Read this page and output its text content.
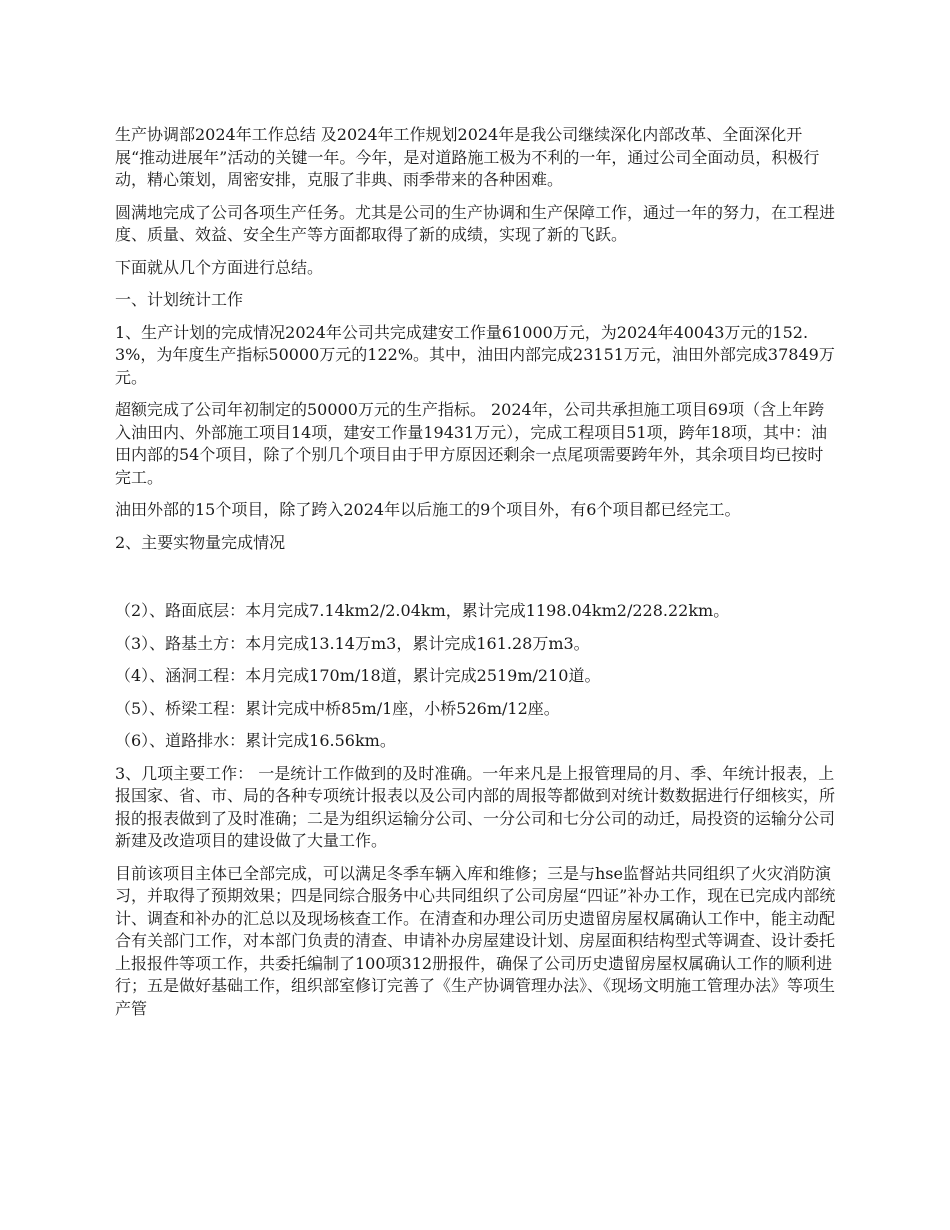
生产协调部2024年工作总结 及2024年工作规划2024年是我公司继续深化内部改革、全面深化开展“推动进展年”活动的关键一年。今年，是对道路施工极为不利的一年，通过公司全面动员，积极行动，精心策划，周密安排，克服了非典、雨季带来的各种困难。

圆满地完成了公司各项生产任务。尤其是公司的生产协调和生产保障工作，通过一年的努力，在工程进度、质量、效益、安全生产等方面都取得了新的成绩，实现了新的飞跃。

下面就从几个方面进行总结。

一、计划统计工作

1、生产计划的完成情况2024年公司共完成建安工作量61000万元，为2024年40043万元的152.3%，为年度生产指标50000万元的122%。其中，油田内部完成23151万元，油田外部完成37849万元。

超额完成了公司年初制定的50000万元的生产指标。 2024年，公司共承担施工项目69项（含上年跨入油田内、外部施工项目14项，建安工作量19431万元），完成工程项目51项，跨年18项，其中：油田内部的54个项目，除了个别几个项目由于甲方原因还剩余一点尾项需要跨年外，其余项目均已按时完工。

油田外部的15个项目，除了跨入2024年以后施工的9个项目外，有6个项目都已经完工。

2、主要实物量完成情况

（2）、路面底层：本月完成7.14km2/2.04km，累计完成1198.04km2/228.22km。

（3）、路基土方：本月完成13.14万m3，累计完成161.28万m3。

（4）、涵洞工程：本月完成170m/18道，累计完成2519m/210道。

（5）、桥梁工程：累计完成中桥85m/1座，小桥526m/12座。

（6）、道路排水：累计完成16.56km。

3、几项主要工作： 一是统计工作做到的及时准确。一年来凡是上报管理局的月、季、年统计报表，上报国家、省、市、局的各种专项统计报表以及公司内部的周报等都做到对统计数数据进行仔细核实，所报的报表做到了及时准确；二是为组织运输分公司、一分公司和七分公司的动迁，局投资的运输分公司新建及改造项目的建设做了大量工作。

目前该项目主体已全部完成，可以满足冬季车辆入库和维修；三是与hse监督站共同组织了火灾消防演习，并取得了预期效果；四是同综合服务中心共同组织了公司房屋“四证”补办工作，现在已完成内部统计、调查和补办的汇总以及现场核查工作。在清查和办理公司历史遗留房屋权属确认工作中，能主动配合有关部门工作，对本部门负责的清查、申请补办房屋建设计划、房屋面积结构型式等调查、设计委托上报报件等项工作，共委托编制了100项312册报件，确保了公司历史遗留房屋权属确认工作的顺利进行；五是做好基础工作，组织部室修订完善了《生产协调管理办法》、《现场文明施工管理办法》等项生产管
